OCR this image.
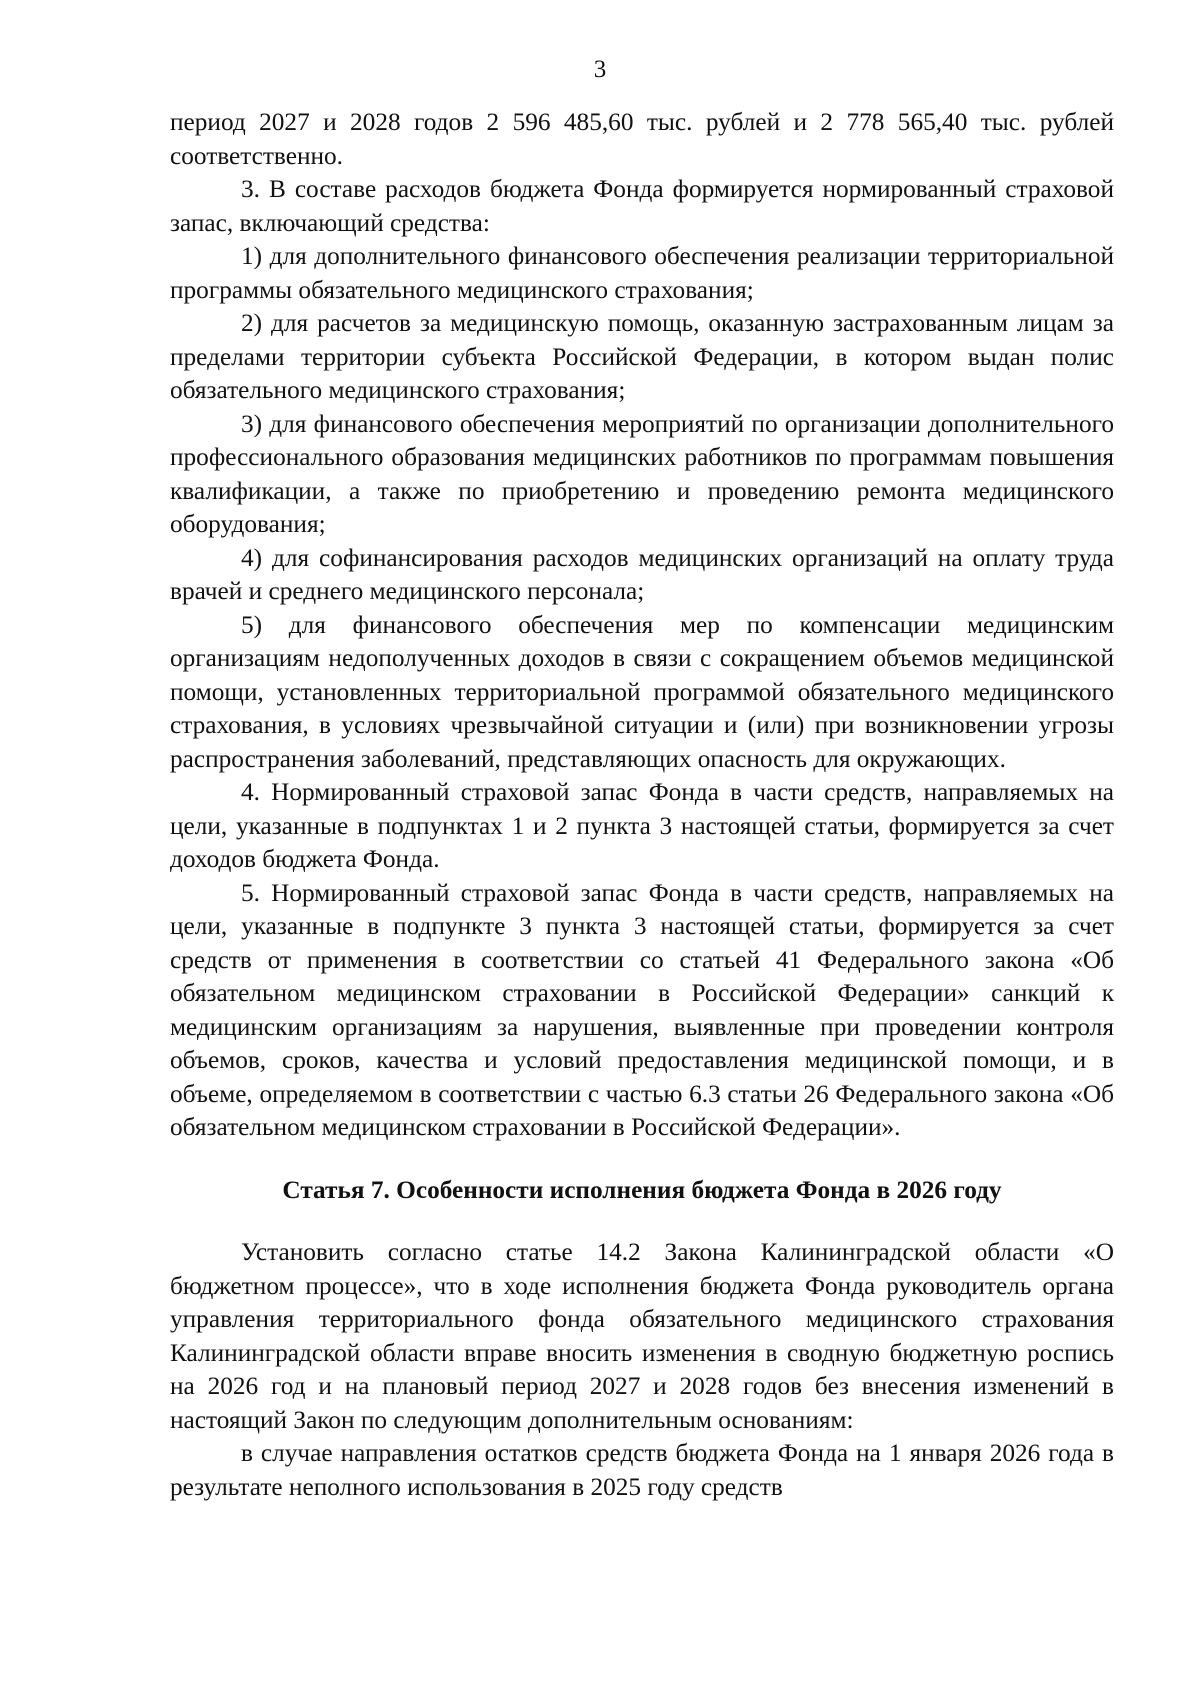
3

период 2027 и 2028 годов 2 596 485,60 тыс. рублей и 2 778 565,40 тыс. рублей соответственно.

3. В составе расходов бюджета Фонда формируется нормированный страховой запас, включающий средства:

1) для дополнительного финансового обеспечения реализации территориальной программы обязательного медицинского страхования;

2) для расчетов за медицинскую помощь, оказанную застрахованным лицам за пределами территории субъекта Российской Федерации, в котором выдан полис обязательного медицинского страхования;

3) для финансового обеспечения мероприятий по организации дополнительного профессионального образования медицинских работников по программам повышения квалификации, а также по приобретению и проведению ремонта медицинского оборудования;

4) для софинансирования расходов медицинских организаций на оплату труда врачей и среднего медицинского персонала;

5) для финансового обеспечения мер по компенсации медицинским организациям недополученных доходов в связи с сокращением объемов медицинской помощи, установленных территориальной программой обязательного медицинского страхования, в условиях чрезвычайной ситуации и (или) при возникновении угрозы распространения заболеваний, представляющих опасность для окружающих.

4. Нормированный страховой запас Фонда в части средств, направляемых на цели, указанные в подпунктах 1 и 2 пункта 3 настоящей статьи, формируется за счет доходов бюджета Фонда.

5. Нормированный страховой запас Фонда в части средств, направляемых на цели, указанные в подпункте 3 пункта 3 настоящей статьи, формируется за счет средств от применения в соответствии со статьей 41 Федерального закона «Об обязательном медицинском страховании в Российской Федерации» санкций к медицинским организациям за нарушения, выявленные при проведении контроля объемов, сроков, качества и условий предоставления медицинской помощи, и в объеме, определяемом в соответствии с частью 6.3 статьи 26 Федерального закона «Об обязательном медицинском страховании в Российской Федерации».

Статья 7. Особенности исполнения бюджета Фонда в 2026 году

Установить согласно статье 14.2 Закона Калининградской области «О бюджетном процессе», что в ходе исполнения бюджета Фонда руководитель органа управления территориального фонда обязательного медицинского страхования Калининградской области вправе вносить изменения в сводную бюджетную роспись на 2026 год и на плановый период 2027 и 2028 годов без внесения изменений в настоящий Закон по следующим дополнительным основаниям:

в случае направления остатков средств бюджета Фонда на 1 января 2026 года в результате неполного использования в 2025 году средств
